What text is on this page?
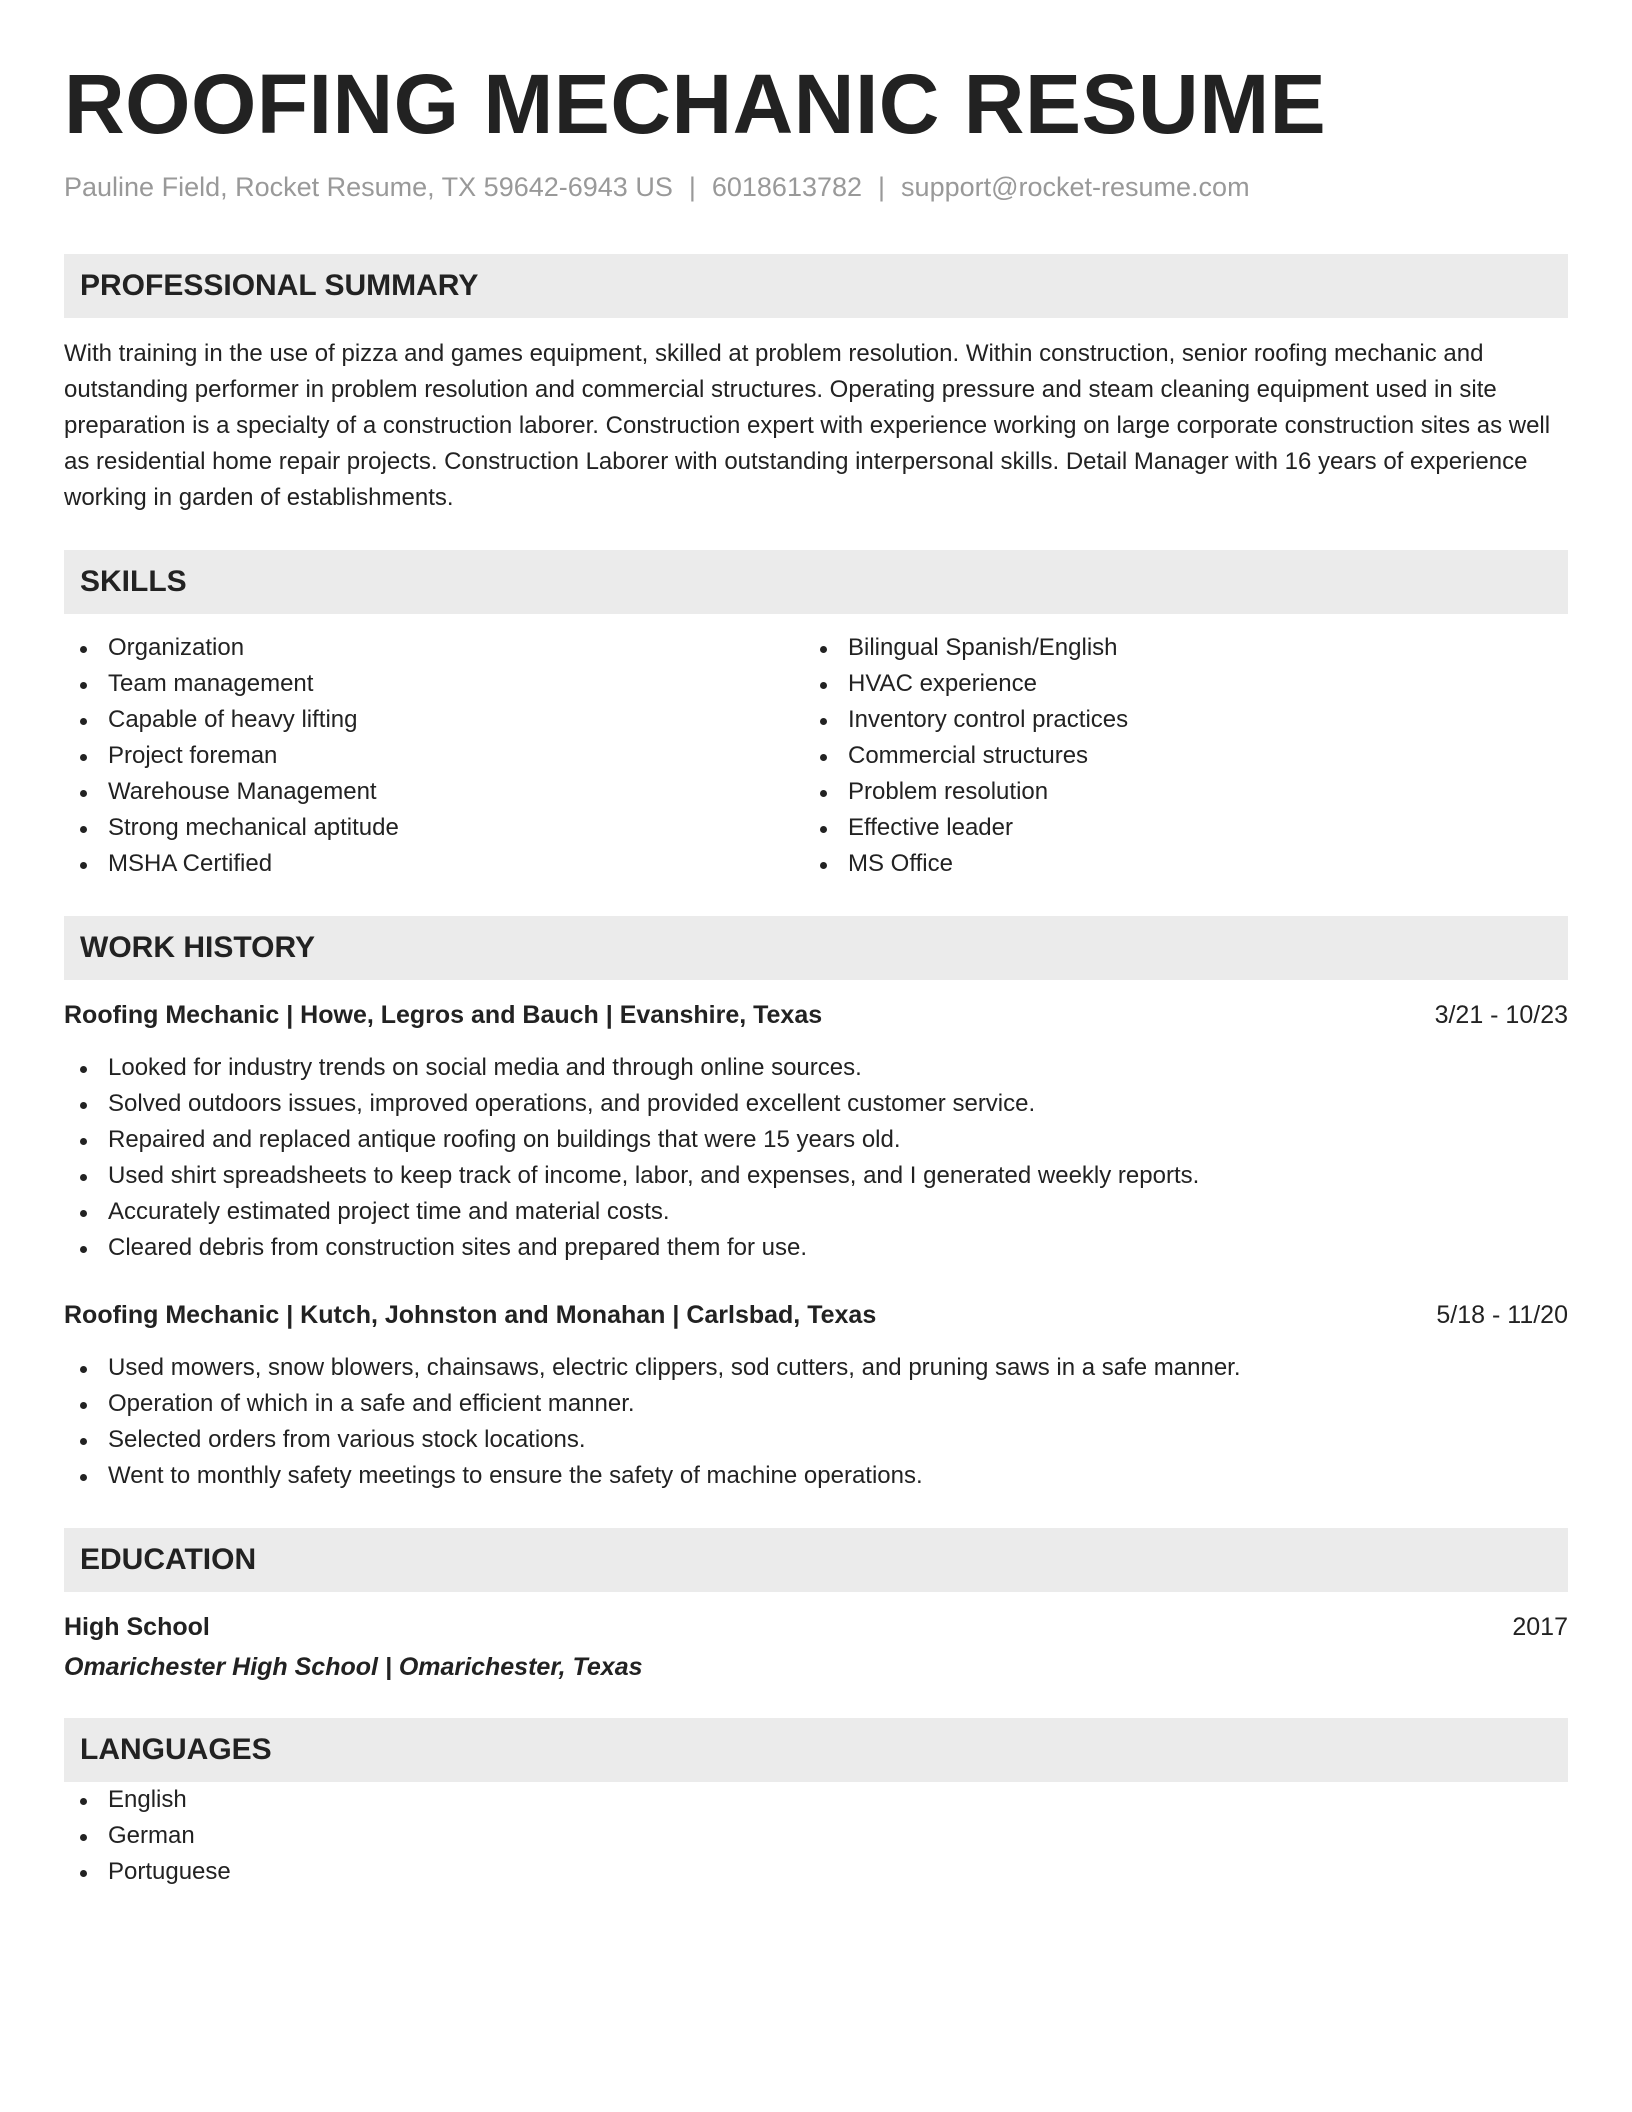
ROOFING MECHANIC RESUME
Pauline Field, Rocket Resume, TX 59642-6943 US | 6018613782 | support@rocket-resume.com
PROFESSIONAL SUMMARY

With training in the use of pizza and games equipment, skilled at problem resolution. Within construction, senior roofing mechanic and outstanding performer in problem resolution and commercial structures. Operating pressure and steam cleaning equipment used in site preparation is a specialty of a construction laborer. Construction expert with experience working on large corporate construction sites as well as residential home repair projects. Construction Laborer with outstanding interpersonal skills. Detail Manager with 16 years of experience working in garden of establishments.

SKILLS
Organization
Team management
Capable of heavy lifting
Project foreman
Warehouse Management
Strong mechanical aptitude
MSHA Certified
Bilingual Spanish/English
HVAC experience
Inventory control practices
Commercial structures
Problem resolution
Effective leader
MS Office
WORK HISTORY
Roofing Mechanic | Howe, Legros and Bauch | Evanshire, Texas	3/21 - 10/23
Looked for industry trends on social media and through online sources.
Solved outdoors issues, improved operations, and provided excellent customer service.
Repaired and replaced antique roofing on buildings that were 15 years old.
Used shirt spreadsheets to keep track of income, labor, and expenses, and I generated weekly reports.
Accurately estimated project time and material costs.
Cleared debris from construction sites and prepared them for use.
Roofing Mechanic | Kutch, Johnston and Monahan | Carlsbad, Texas	5/18 - 11/20
Used mowers, snow blowers, chainsaws, electric clippers, sod cutters, and pruning saws in a safe manner.
Operation of which in a safe and efficient manner.
Selected orders from various stock locations.
Went to monthly safety meetings to ensure the safety of machine operations.
EDUCATION
High School	2017
Omarichester High School | Omarichester, Texas
LANGUAGES
English
German
Portuguese
